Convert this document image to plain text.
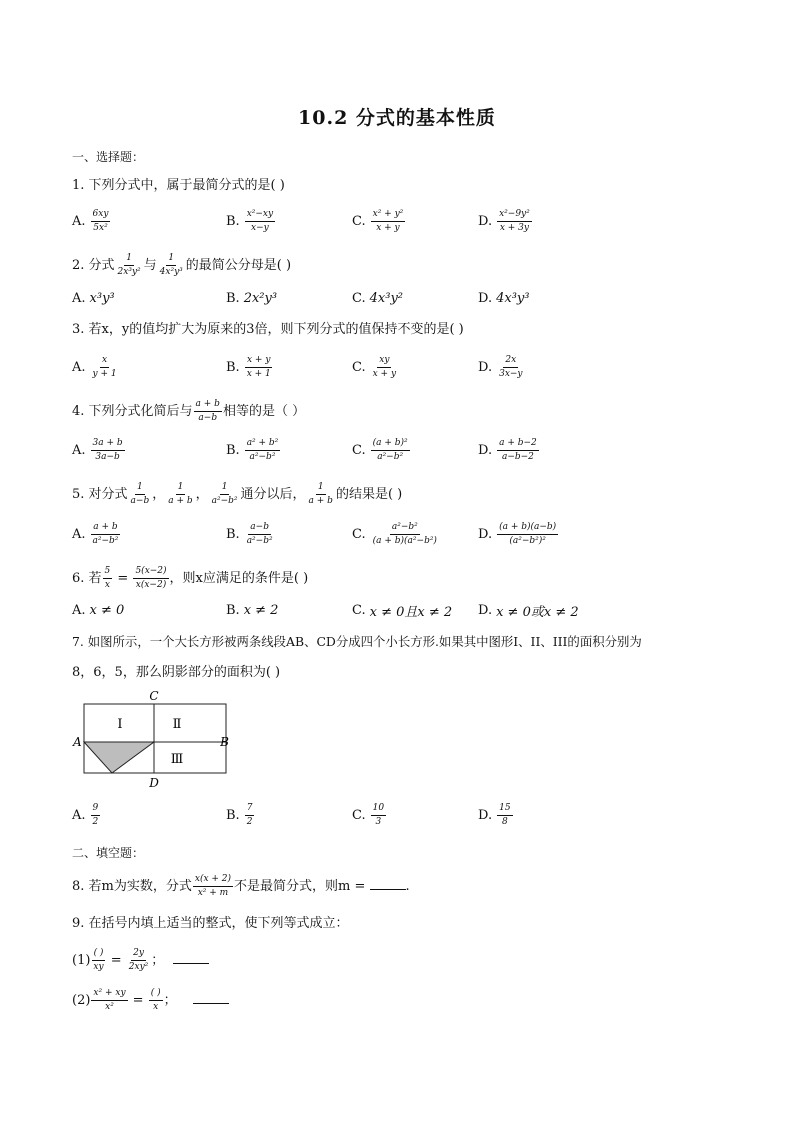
10.2 分式的基本性质
一、选择题：
1. 下列分式中，属于最简分式的是( )
A. $\frac{6xy}{\text{5x²}}$	B. $\frac{\text{x²−xy}}{x-y}$	C. $\frac{\text{x² + y²}}{x + y}$	D. $\frac{\text{x²−9y²}}{x + 3y}$
2. 分式 $\frac{1}{\text{2x³y²}}$ 与 $\frac{1}{\text{4x²y³}}$ 的最简公分母是( )
A. x³y³	B. 2x²y³	C. 4x³y²	D. 4x³y³
3. 若x，y的值均扩大为原来的3倍，则下列分式的值保持不变的是( )
A. $\frac{x}{y + 1}$	B. $\frac{x + y}{x + 1}$	C. $\frac{xy}{x + y}$	D. $\frac{2x}{3x-y}$
4. 下列分式化简后与 $\frac{a + b}{a-b}$ 相等的是（ ）
A. $\frac{3a + b}{3a-b}$	B. $\frac{\text{a² + b²}}{\text{a²−b²}}$	C. $\frac{\text{(a + b)²}}{\text{a²−b²}}$	D. $\frac{a + b-2}{a-b-2}$
5. 对分式 $\frac{1}{a-b}$ ， $\frac{1}{a + b}$ ， $\frac{1}{\text{a²−b²}}$ 通分以后， $\frac{1}{a + b}$ 的结果是( )
A. $\frac{a + b}{\text{a²−b²}}$	B. $\frac{a-b}{\text{a²−b²}}$	C. $\frac{\text{a²−b²}}{\text{(a + b)(a²−b²)}}$	D. $\frac{(a + b)(a-b)}{\text{(a²−b²)²}}$
6. 若 $\frac{5}{x} = \frac{5(x-2)}{x(x-2)}$ ，则x应满足的条件是( )
A. x ≠ 0	B. x ≠ 2	C. x ≠ 0且x ≠ 2 D. x ≠ 0或x ≠ 2
7. 如图所示，一个大长方形被两条线段AB、CD分成四个小长方形.如果其中图形I、II、III的面积分别为
8，6，5，那么阴影部分的面积为( )
C
D
A	B
Ⅰ	Ⅱ
Ⅲ
A. $\frac{9}{2}$	B. $\frac{7}{2}$	C. $\frac{10}{3}$	D. $\frac{15}{8}$
二、填空题：
8. 若m为实数，分式 $\frac{x(x + 2)}{\text{x² + m}}$ 不是最简分式，则m =	.
9. 在括号内填上适当的整式，使下列等式成立：
$(1) \frac{( )}{xy} = \frac{2y}{\text{2xy²}}$ ；
$(2) \frac{\text{x² + xy}}{\text{x²}} = \frac{( )}{x}$ ；
